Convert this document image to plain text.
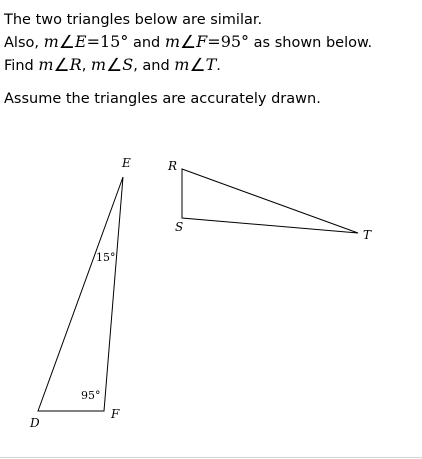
The two triangles below are similar.
Also, m∠E=15° and m∠F=95° as shown below.
Find m∠R, m∠S, and m∠T.
Assume the triangles are accurately drawn.
E
D
F
15°
95°
R
S
T
